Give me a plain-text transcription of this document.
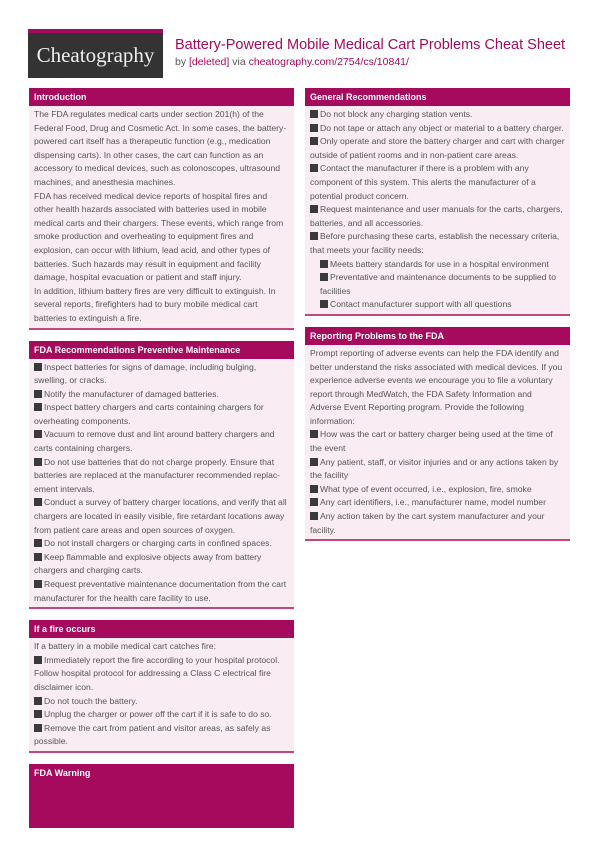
Cheatography Battery-Powered Mobile Medical Cart Problems Cheat Sheet
by [deleted] via cheatography.com/2754/cs/10841/
Introduction
The FDA regulates medical carts under section 201(h) of the Federal Food, Drug and Cosmetic Act. In some cases, the battery-powered cart itself has a therapeutic function (e.g., medication dispensing carts). In other cases, the cart can function as an accessory to medical devices, such as colonoscopes, ultrasound machines, and anesthesia machines.
FDA has received medical device reports of hospital fires and other health hazards associated with batteries used in mobile medical carts and their chargers. These events, which range from smoke production and overheating to equipment fires and explosion, can occur with lithium, lead acid, and other types of batteries. Such hazards may result in equipment and facility damage, hospital evacuation or patient and staff injury.
In addition, lithium battery fires are very difficult to extinguish. In several reports, firefighters had to bury mobile medical cart batteries to extinguish a fire.
FDA Recommendations Preventive Maintenance
Inspect batteries for signs of damage, including bulging, swelling, or cracks.
Notify the manufacturer of damaged batteries.
Inspect battery chargers and carts containing chargers for overheating components.
Vacuum to remove dust and lint around battery chargers and carts containing chargers.
Do not use batteries that do not charge properly. Ensure that batteries are replaced at the manufacturer recommended replacement intervals.
Conduct a survey of battery charger locations, and verify that all chargers are located in easily visible, fire retardant locations away from patient care areas and open sources of oxygen.
Do not install chargers or charging carts in confined spaces.
Keep flammable and explosive objects away from battery chargers and charging carts.
Request preventative maintenance documentation from the cart manufacturer for the health care facility to use.
If a fire occurs
If a battery in a mobile medical cart catches fire:
Immediately report the fire according to your hospital protocol. Follow hospital protocol for addressing a Class C electrical fire disclaimer icon.
Do not touch the battery.
Unplug the charger or power off the cart if it is safe to do so.
Remove the cart from patient and visitor areas, as safely as possible.
FDA Warning
General Recommendations
Do not block any charging station vents.
Do not tape or attach any object or material to a battery charger.
Only operate and store the battery charger and cart with charger outside of patient rooms and in non-patient care areas.
Contact the manufacturer if there is a problem with any component of this system. This alerts the manufacturer of a potential product concern.
Request maintenance and user manuals for the carts, chargers, batteries, and all accessories.
Before purchasing these carts, establish the necessary criteria, that meets your facility needs:
Meets battery standards for use in a hospital environment
Preventative and maintenance documents to be supplied to facilities
Contact manufacturer support with all questions
Reporting Problems to the FDA
Prompt reporting of adverse events can help the FDA identify and better understand the risks associated with medical devices. If you experience adverse events we encourage you to file a voluntary report through MedWatch, the FDA Safety Information and Adverse Event Reporting program. Provide the following information:
How was the cart or battery charger being used at the time of the event
Any patient, staff, or visitor injuries and or any actions taken by the facility
What type of event occurred, i.e., explosion, fire, smoke
Any cart identifiers, i.e., manufacturer name, model number
Any action taken by the cart system manufacturer and your facility.
